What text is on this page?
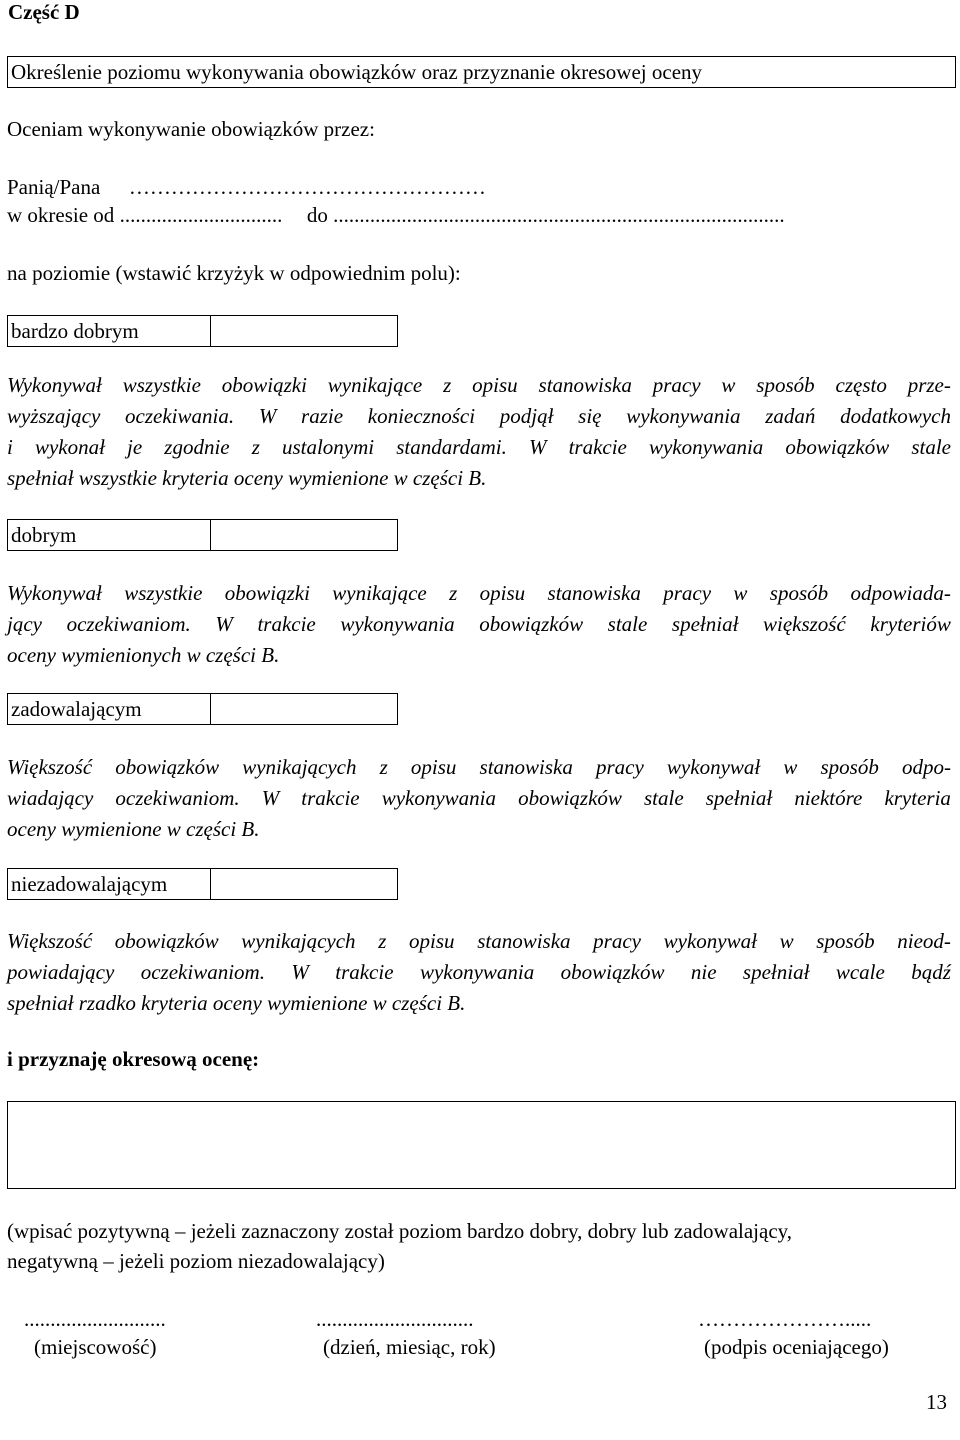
Część D
Określenie poziomu wykonywania obowiązków oraz przyznanie okresowej oceny
Oceniam wykonywanie obowiązków przez:
Panią/Pana ……………………………………………
w okresie od ............................... do ......................................................................................
na poziomie (wstawić krzyżyk w odpowiednim polu):
bardzo dobrym
Wykonywał wszystkie obowiązki wynikające z opisu stanowiska pracy w sposób często prze-
wyższający oczekiwania. W razie konieczności podjął się wykonywania zadań dodatkowych
i wykonał je zgodnie z ustalonymi standardami. W trakcie wykonywania obowiązków stale
spełniał wszystkie kryteria oceny wymienione w części B.
dobrym
Wykonywał wszystkie obowiązki wynikające z opisu stanowiska pracy w sposób odpowiada-
jący oczekiwaniom. W trakcie wykonywania obowiązków stale spełniał większość kryteriów
oceny wymienionych w części B.
zadowalającym
Większość obowiązków wynikających z opisu stanowiska pracy wykonywał w sposób odpo-
wiadający oczekiwaniom. W trakcie wykonywania obowiązków stale spełniał niektóre kryteria
oceny wymienione w części B.
niezadowalającym
Większość obowiązków wynikających z opisu stanowiska pracy wykonywał w sposób nieod-
powiadający oczekiwaniom. W trakcie wykonywania obowiązków nie spełniał wcale bądź
spełniał rzadko kryteria oceny wymienione w części B.
i przyznaję okresową ocenę:
(wpisać pozytywną – jeżeli zaznaczony został poziom bardzo dobry, dobry lub zadowalający,
negatywną – jeżeli poziom niezadowalający)
...........................
(miejscowość)
..............................
(dzień, miesiąc, rok)
………………….....
(podpis oceniającego)
13
